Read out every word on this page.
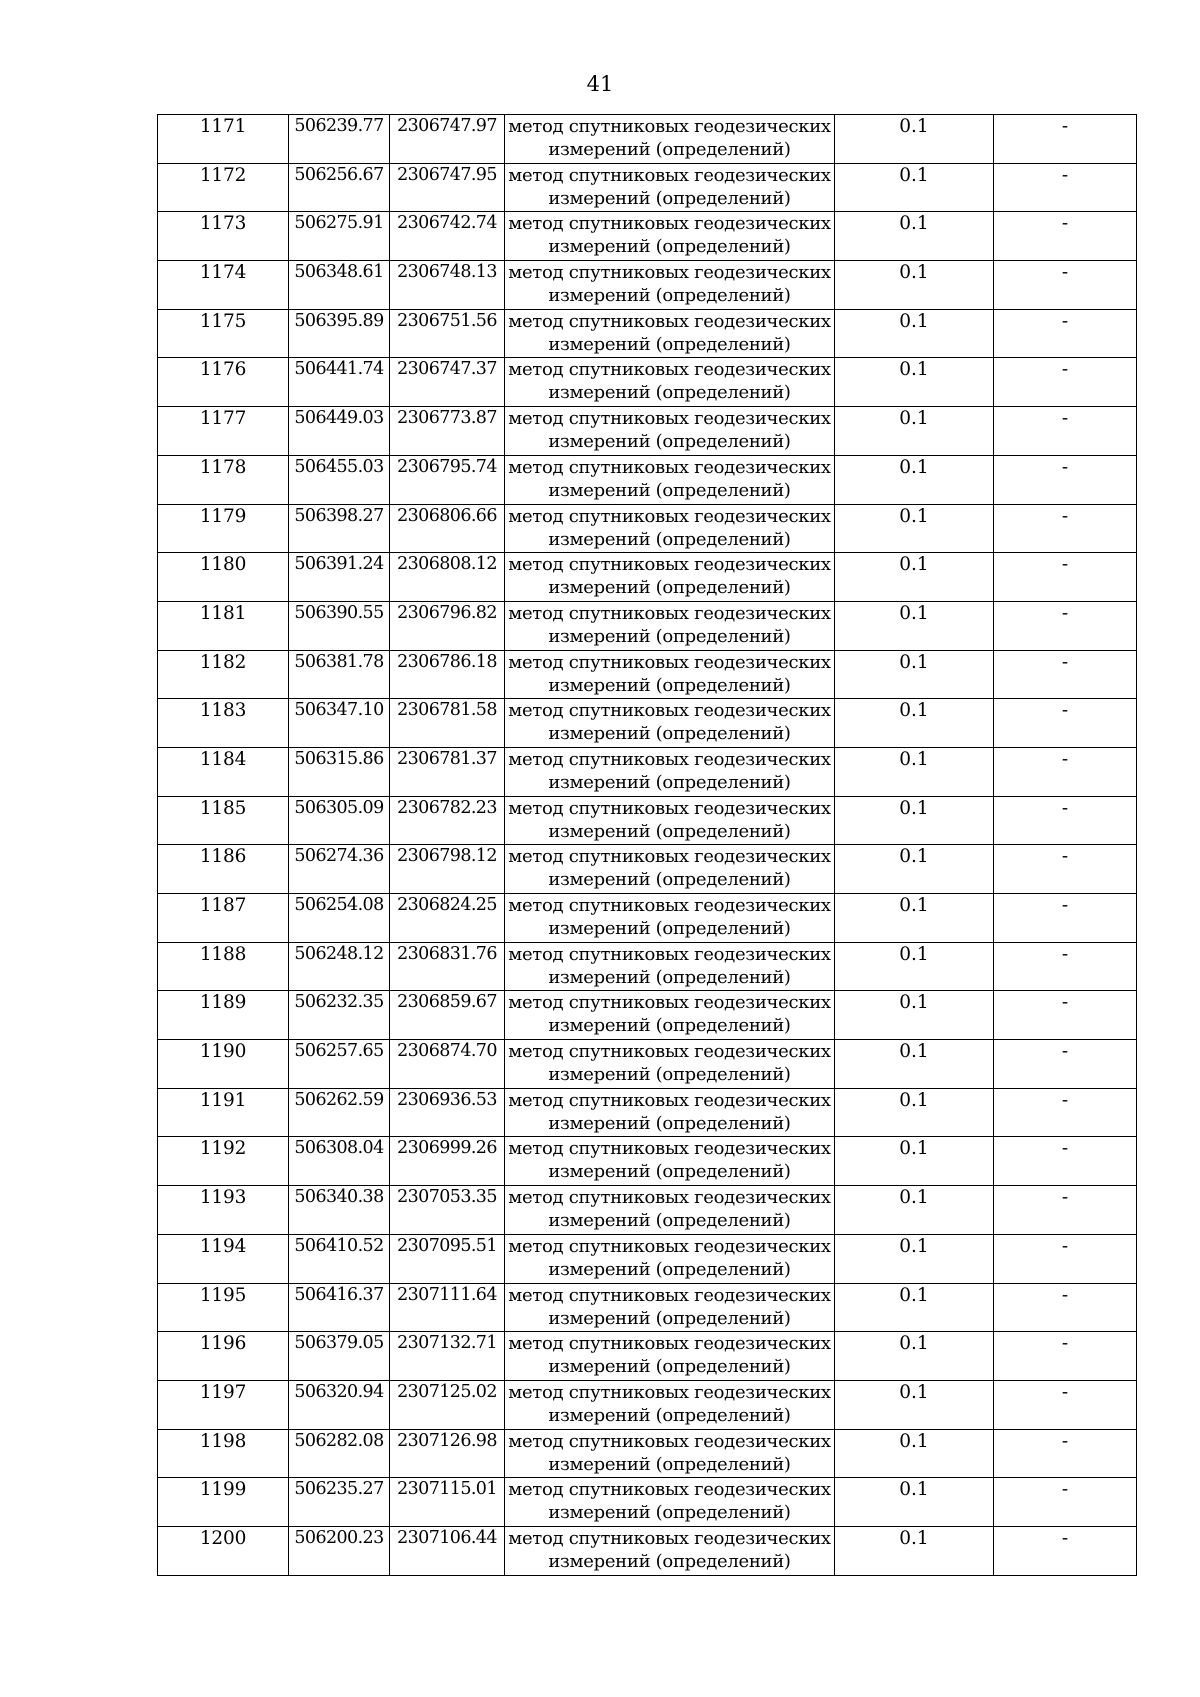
41
1171	506239.77	2306747.97	метод спутниковых геодезических
измерений (определений)	0.1	-
1172	506256.67	2306747.95	метод спутниковых геодезических
измерений (определений)	0.1	-
1173	506275.91	2306742.74	метод спутниковых геодезических
измерений (определений)	0.1	-
1174	506348.61	2306748.13	метод спутниковых геодезических
измерений (определений)	0.1	-
1175	506395.89	2306751.56	метод спутниковых геодезических
измерений (определений)	0.1	-
1176	506441.74	2306747.37	метод спутниковых геодезических
измерений (определений)	0.1	-
1177	506449.03	2306773.87	метод спутниковых геодезических
измерений (определений)	0.1	-
1178	506455.03	2306795.74	метод спутниковых геодезических
измерений (определений)	0.1	-
1179	506398.27	2306806.66	метод спутниковых геодезических
измерений (определений)	0.1	-
1180	506391.24	2306808.12	метод спутниковых геодезических
измерений (определений)	0.1	-
1181	506390.55	2306796.82	метод спутниковых геодезических
измерений (определений)	0.1	-
1182	506381.78	2306786.18	метод спутниковых геодезических
измерений (определений)	0.1	-
1183	506347.10	2306781.58	метод спутниковых геодезических
измерений (определений)	0.1	-
1184	506315.86	2306781.37	метод спутниковых геодезических
измерений (определений)	0.1	-
1185	506305.09	2306782.23	метод спутниковых геодезических
измерений (определений)	0.1	-
1186	506274.36	2306798.12	метод спутниковых геодезических
измерений (определений)	0.1	-
1187	506254.08	2306824.25	метод спутниковых геодезических
измерений (определений)	0.1	-
1188	506248.12	2306831.76	метод спутниковых геодезических
измерений (определений)	0.1	-
1189	506232.35	2306859.67	метод спутниковых геодезических
измерений (определений)	0.1	-
1190	506257.65	2306874.70	метод спутниковых геодезических
измерений (определений)	0.1	-
1191	506262.59	2306936.53	метод спутниковых геодезических
измерений (определений)	0.1	-
1192	506308.04	2306999.26	метод спутниковых геодезических
измерений (определений)	0.1	-
1193	506340.38	2307053.35	метод спутниковых геодезических
измерений (определений)	0.1	-
1194	506410.52	2307095.51	метод спутниковых геодезических
измерений (определений)	0.1	-
1195	506416.37	2307111.64	метод спутниковых геодезических
измерений (определений)	0.1	-
1196	506379.05	2307132.71	метод спутниковых геодезических
измерений (определений)	0.1	-
1197	506320.94	2307125.02	метод спутниковых геодезических
измерений (определений)	0.1	-
1198	506282.08	2307126.98	метод спутниковых геодезических
измерений (определений)	0.1	-
1199	506235.27	2307115.01	метод спутниковых геодезических
измерений (определений)	0.1	-
1200	506200.23	2307106.44	метод спутниковых геодезических
измерений (определений)	0.1	-
